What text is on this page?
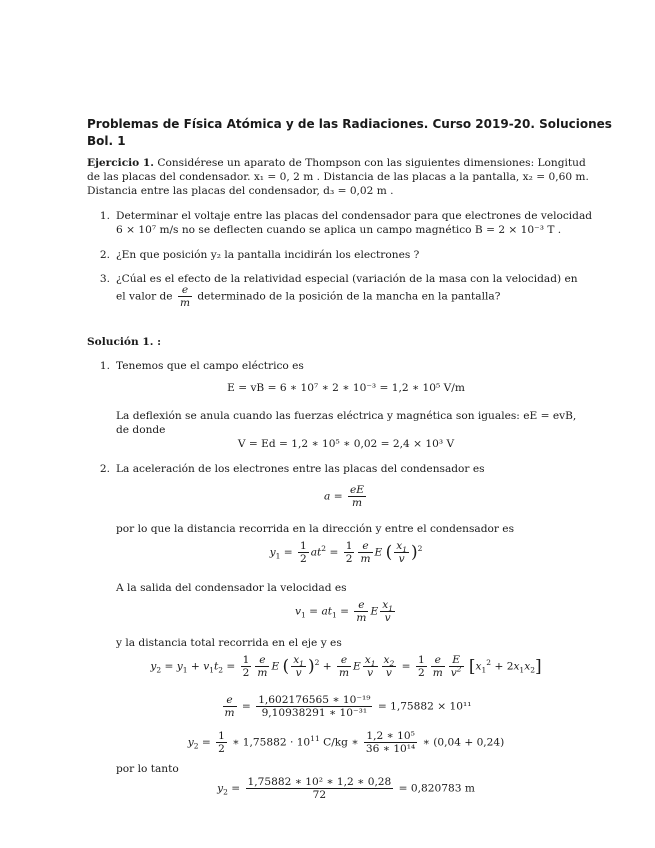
Problemas de Física Atómica y de las Radiaciones. Curso 2019-20. Soluciones
Bol. 1
Ejercicio 1. Considérese un aparato de Thompson con las siguientes dimensiones: Longitud
de las placas del condensador. x₁ = 0, 2 m . Distancia de las placas a la pantalla, x₂ = 0,60 m.
Distancia entre las placas del condensador, d₃ = 0,02 m .
1. Determinar el voltaje entre las placas del condensador para que electrones de velocidad
6 × 10⁷ m/s no se deflecten cuando se aplica un campo magnético B = 2 × 10⁻³ T .
2. ¿En que posición y₂ la pantalla incidirán los electrones ?
3. ¿Cúal es el efecto de la relatividad especial (variación de la masa con la velocidad) en
el valor de $\frac{e}{m}$ determinado de la posición de la mancha en la pantalla?
Solución 1. :
1. Tenemos que el campo eléctrico es
E = vB = 6 ∗ 10⁷ ∗ 2 ∗ 10⁻³ = 1,2 ∗ 10⁵ V/m
La deflexión se anula cuando las fuerzas eléctrica y magnética son iguales: eE = evB,
de donde
V = Ed = 1,2 ∗ 10⁵ ∗ 0,02 = 2,4 × 10³ V
2. La aceleración de los electrones entre las placas del condensador es
$a = \frac{eE}{m}$
por lo que la distancia recorrida en la dirección y entre el condensador es
$y_1 = \frac{1}{2} at^2 = \frac{1}{2} \frac{e}{m}$ E ( $\frac{x_1}{v} )^2$
A la salida del condensador la velocidad es
$v_1 = at_1 = \frac{e}{m}$ E $\frac{x_1}{v}$
y la distancia total recorrida en el eje y es
$y_2 = y_1 + v_1t_2 = \frac{1}{2} \frac{e}{m}$ E ( $\frac{x_1}{v} )^2 + \frac{e}{m}$ E $\frac{x_1}{v} \frac{x_2}{v} = \frac{1}{2} \frac{e}{m} \frac{E}{v^2} [x_1^2 + 2x_1x_2]$
$\frac{e}{m} = \frac{\text{1,602176565 ∗ 10⁻¹⁹}}{\text{9,10938291 ∗ 10⁻³¹}} = 1,75882 \times 10^{11}$
$y_2 = \frac{1}{2}$ ∗ $1,75882 \cdot 10^{11}$ C/kg ∗ $\frac{\text{1,2 ∗ 10⁵}}{\text{36 ∗ 10¹⁴}}$ ∗ (0,04 + 0,24)
por lo tanto
$y_2 = \frac{\text{1,75882 ∗ 10² ∗ 1,2 ∗ 0,28}}{72} = 0,820783$ m
